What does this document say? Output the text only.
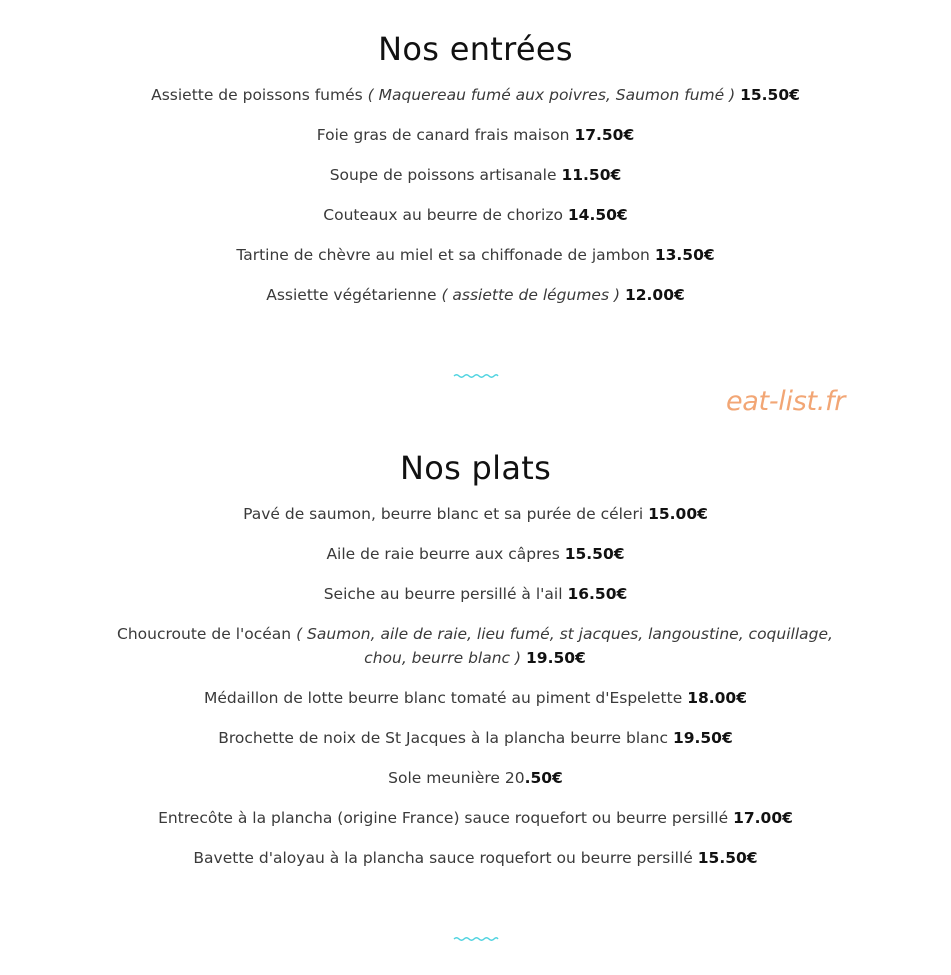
Nos entrées
Assiette de poissons fumés ( Maquereau fumé aux poivres, Saumon fumé ) 15.50€
Foie gras de canard frais maison 17.50€
Soupe de poissons artisanale 11.50€
Couteaux au beurre de chorizo 14.50€
Tartine de chèvre au miel et sa chiffonade de jambon 13.50€
Assiette végétarienne ( assiette de légumes ) 12.00€
eat-list.fr
Nos plats
Pavé de saumon, beurre blanc et sa purée de céleri 15.00€
Aile de raie beurre aux câpres 15.50€
Seiche au beurre persillé à l'ail 16.50€
Choucroute de l'océan ( Saumon, aile de raie, lieu fumé, st jacques, langoustine, coquillage, chou, beurre blanc ) 19.50€
Médaillon de lotte beurre blanc tomaté au piment d'Espelette 18.00€
Brochette de noix de St Jacques à la plancha beurre blanc 19.50€
Sole meunière 20.50€
Entrecôte à la plancha (origine France) sauce roquefort ou beurre persillé 17.00€
Bavette d'aloyau à la plancha sauce roquefort ou beurre persillé 15.50€
